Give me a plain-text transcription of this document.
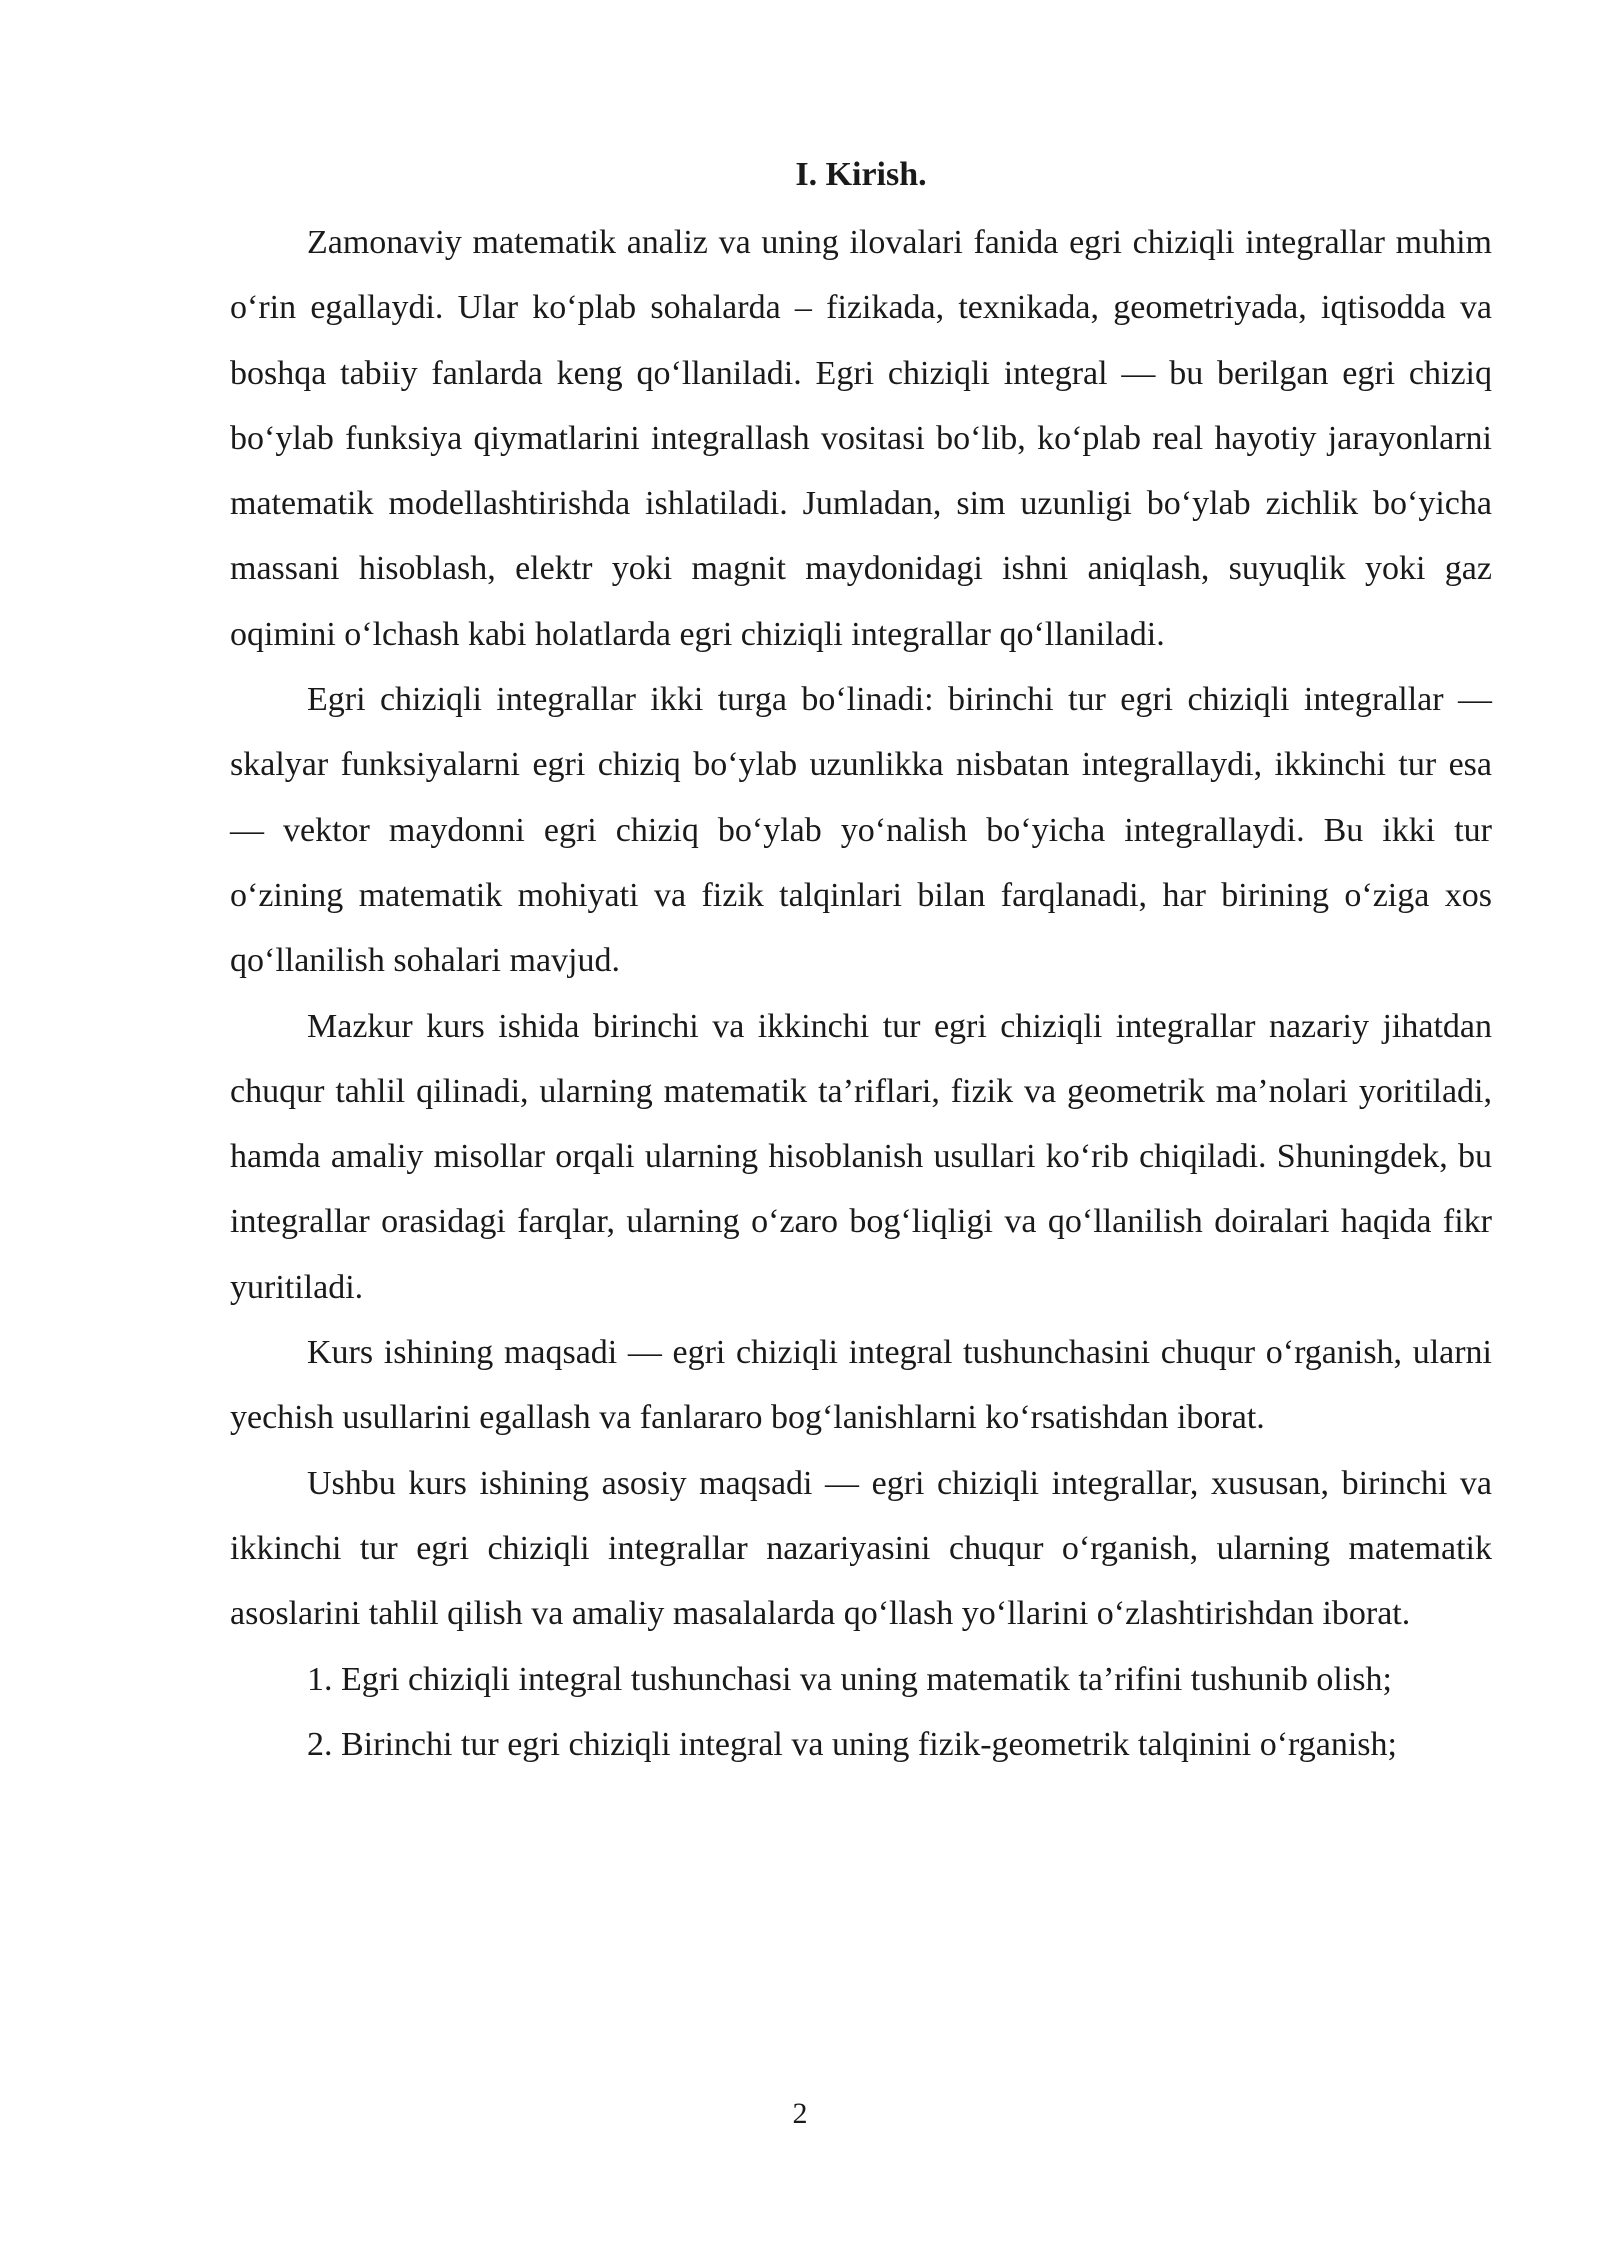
I. Kirish.

Zamonaviy matematik analiz va uning ilovalari fanida egri chiziqli integrallar muhim o‘rin egallaydi. Ular ko‘plab sohalarda – fizikada, texnikada, geometriyada, iqtisodda va boshqa tabiiy fanlarda keng qo‘llaniladi. Egri chiziqli integral — bu berilgan egri chiziq bo‘ylab funksiya qiymatlarini integrallash vositasi bo‘lib, ko‘plab real hayotiy jarayonlarni matematik modellashtirishda ishlatiladi. Jumladan, sim uzunligi bo‘ylab zichlik bo‘yicha massani hisoblash, elektr yoki magnit maydonidagi ishni aniqlash, suyuqlik yoki gaz oqimini o‘lchash kabi holatlarda egri chiziqli integrallar qo‘llaniladi.

Egri chiziqli integrallar ikki turga bo‘linadi: birinchi tur egri chiziqli integrallar — skalyar funksiyalarni egri chiziq bo‘ylab uzunlikka nisbatan integrallaydi, ikkinchi tur esa — vektor maydonni egri chiziq bo‘ylab yo‘nalish bo‘yicha integrallaydi. Bu ikki tur o‘zining matematik mohiyati va fizik talqinlari bilan farqlanadi, har birining o‘ziga xos qo‘llanilish sohalari mavjud.

Mazkur kurs ishida birinchi va ikkinchi tur egri chiziqli integrallar nazariy jihatdan chuqur tahlil qilinadi, ularning matematik ta’riflari, fizik va geometrik ma’nolari yoritiladi, hamda amaliy misollar orqali ularning hisoblanish usullari ko‘rib chiqiladi. Shuningdek, bu integrallar orasidagi farqlar, ularning o‘zaro bog‘liqligi va qo‘llanilish doiralari haqida fikr yuritiladi.

Kurs ishining maqsadi — egri chiziqli integral tushunchasini chuqur o‘rganish, ularni yechish usullarini egallash va fanlararo bog‘lanishlarni ko‘rsatishdan iborat.

Ushbu kurs ishining asosiy maqsadi — egri chiziqli integrallar, xususan, birinchi va ikkinchi tur egri chiziqli integrallar nazariyasini chuqur o‘rganish, ularning matematik asoslarini tahlil qilish va amaliy masalalarda qo‘llash yo‘llarini o‘zlashtirishdan iborat.

1. Egri chiziqli integral tushunchasi va uning matematik ta’rifini tushunib olish;

2. Birinchi tur egri chiziqli integral va uning fizik-geometrik talqinini o‘rganish;

2
